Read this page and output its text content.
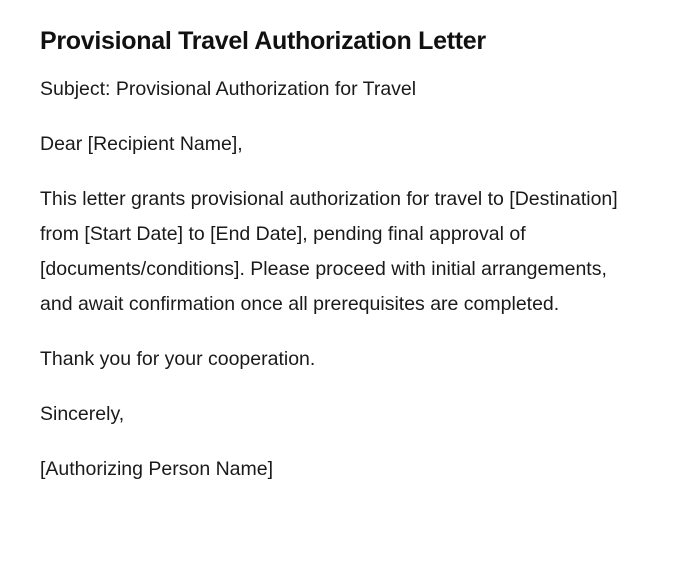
Provisional Travel Authorization Letter

Subject: Provisional Authorization for Travel

Dear [Recipient Name],

This letter grants provisional authorization for travel to [Destination] from [Start Date] to [End Date], pending final approval of [documents/conditions]. Please proceed with initial arrangements, and await confirmation once all prerequisites are completed.

Thank you for your cooperation.

Sincerely,

[Authorizing Person Name]
